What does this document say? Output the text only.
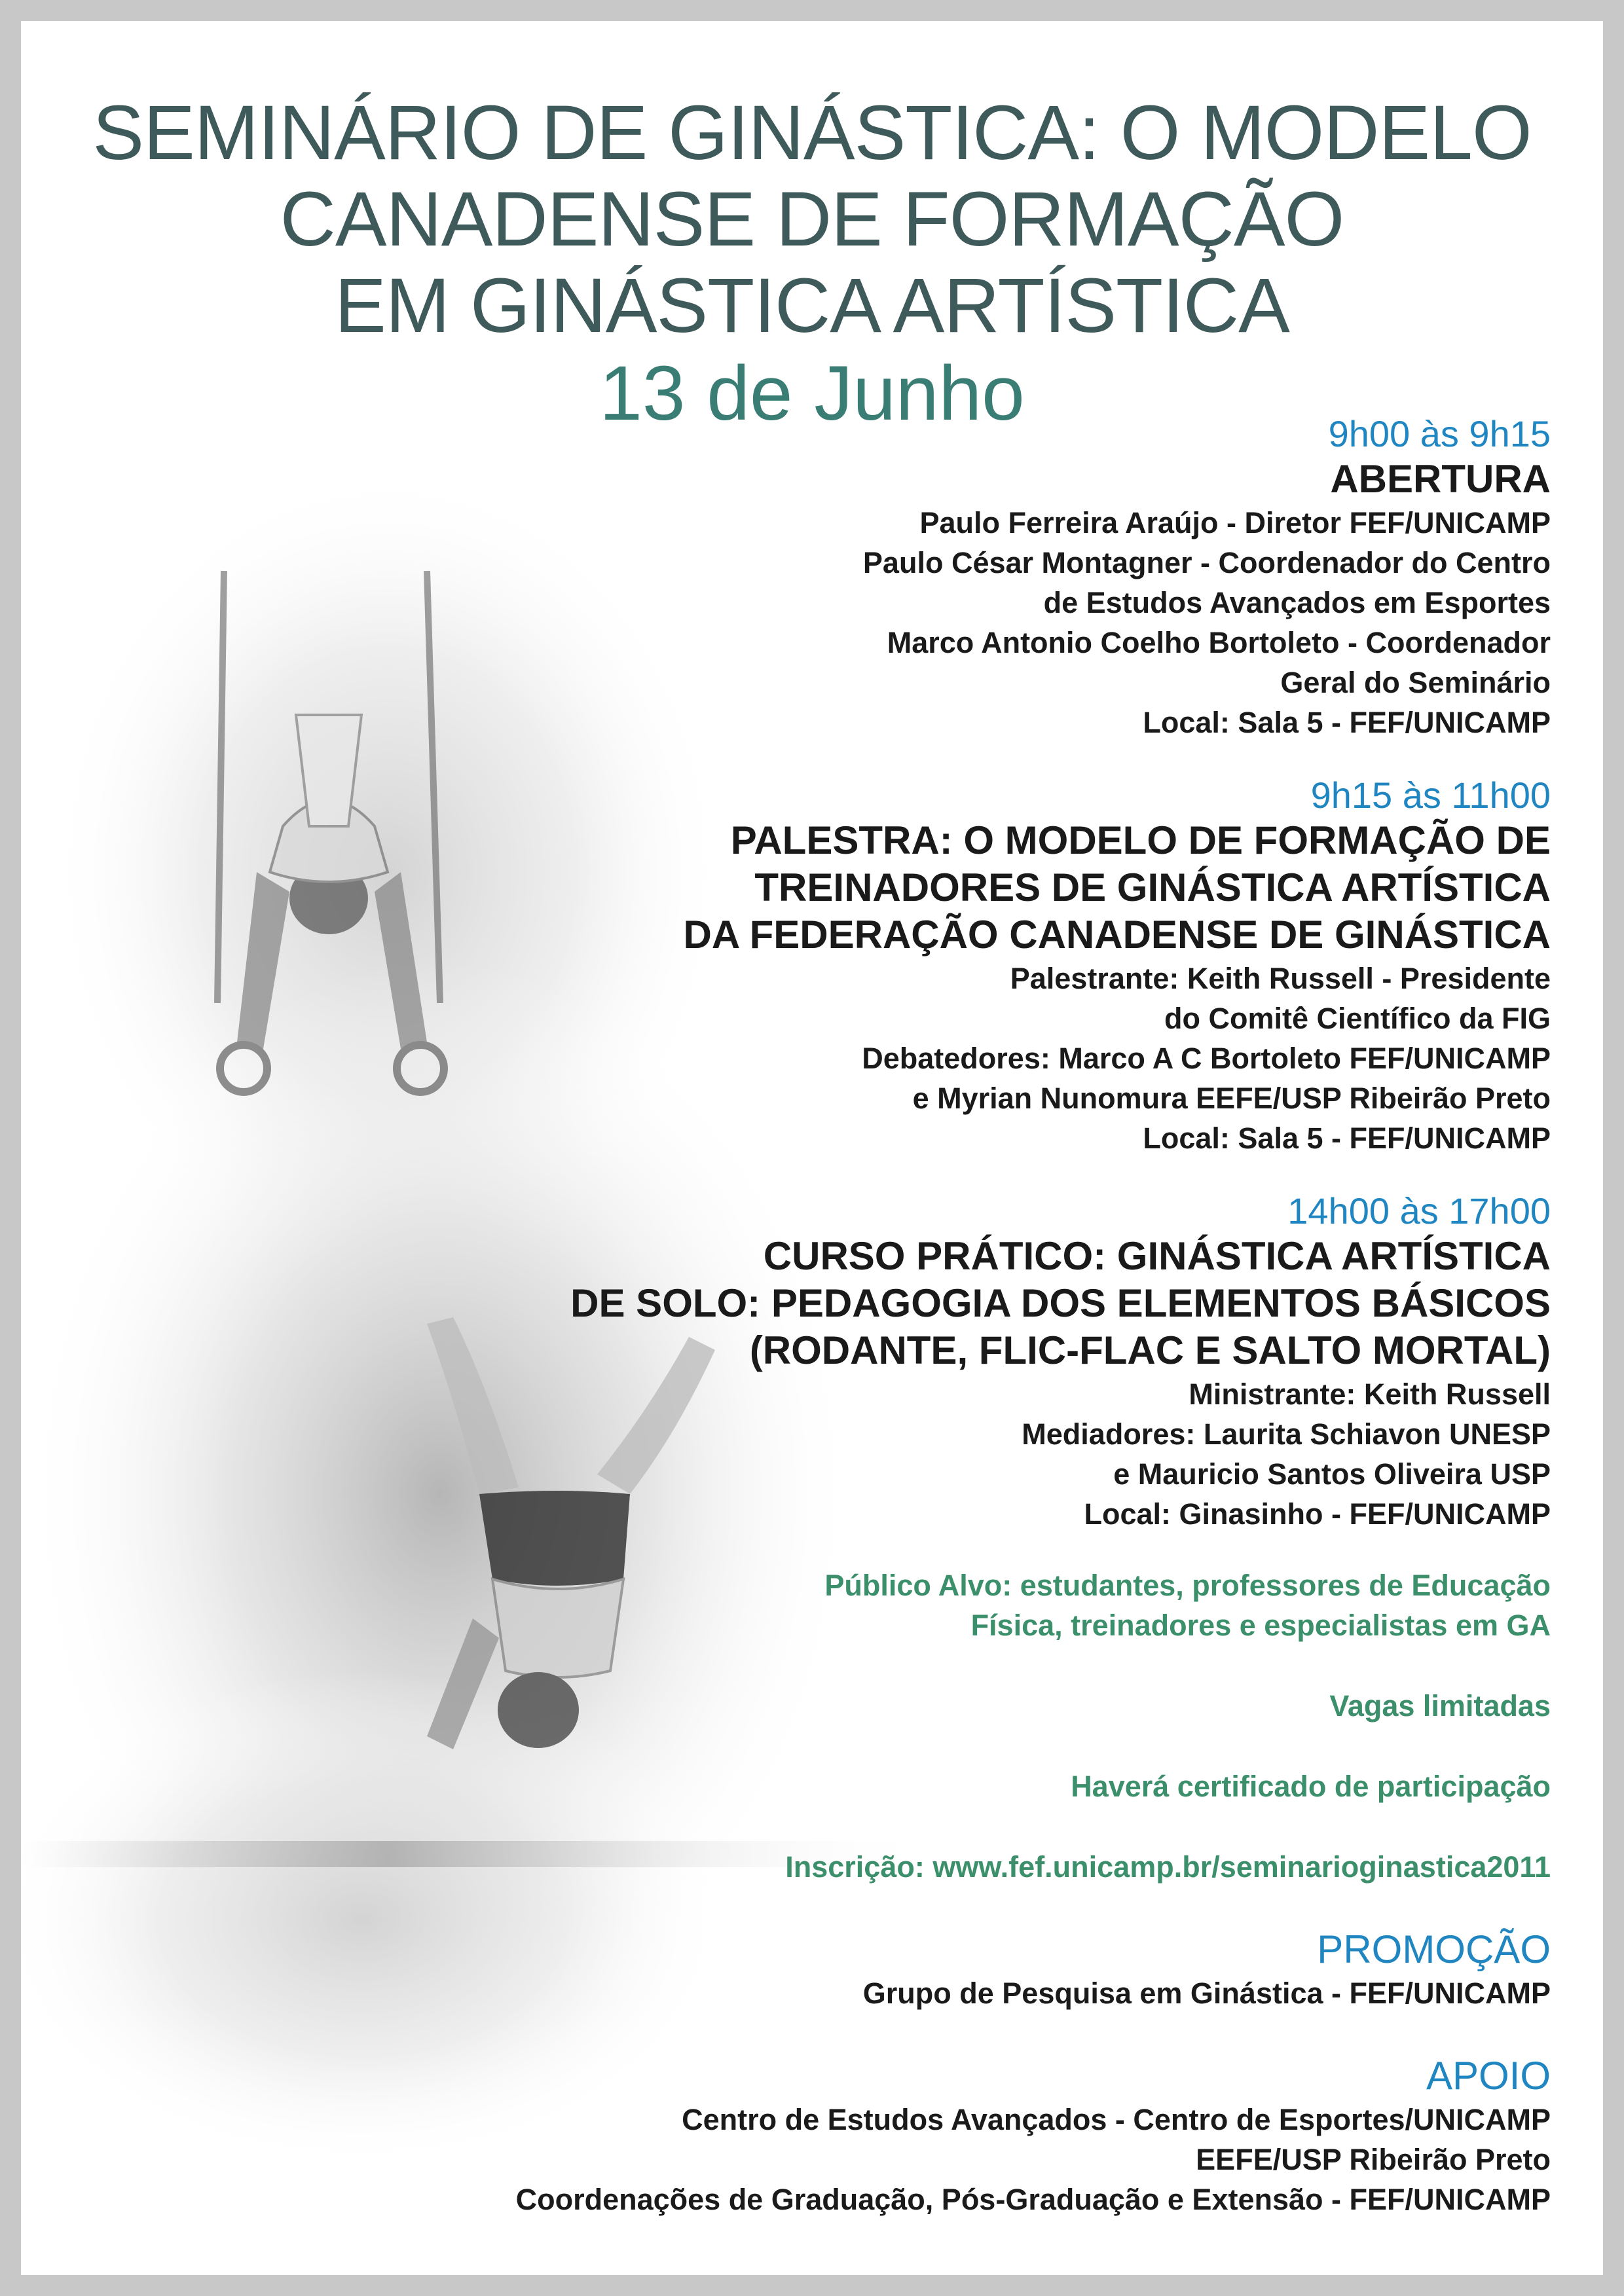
SEMINÁRIO DE GINÁSTICA: O MODELO
CANADENSE DE FORMAÇÃO
EM GINÁSTICA ARTÍSTICA
13 de Junho	9h00 às 9h15
ABERTURA
Paulo Ferreira Araújo - Diretor FEF/UNICAMP
Paulo César Montagner - Coordenador do Centro
de Estudos Avançados em Esportes
Marco Antonio Coelho Bortoleto - Coordenador
Geral do Seminário
Local: Sala 5 - FEF/UNICAMP
9h15 às 11h00
PALESTRA: O MODELO DE FORMAÇÃO DE
TREINADORES DE GINÁSTICA ARTÍSTICA
DA FEDERAÇÃO CANADENSE DE GINÁSTICA
Palestrante: Keith Russell - Presidente
do Comitê Científico da FIG
Debatedores: Marco A C Bortoleto FEF/UNICAMP
e Myrian Nunomura EEFE/USP Ribeirão Preto
Local: Sala 5 - FEF/UNICAMP
14h00 às 17h00
CURSO PRÁTICO: GINÁSTICA ARTÍSTICA
DE SOLO: PEDAGOGIA DOS ELEMENTOS BÁSICOS
(RODANTE, FLIC-FLAC E SALTO MORTAL)
Ministrante: Keith Russell
Mediadores: Laurita Schiavon UNESP
e Mauricio Santos Oliveira USP
Local: Ginasinho - FEF/UNICAMP
Público Alvo: estudantes, professores de Educação
Física, treinadores e especialistas em GA
Vagas limitadas
Haverá certificado de participação
Inscrição: www.fef.unicamp.br/seminarioginastica2011
PROMOÇÃO
Grupo de Pesquisa em Ginástica - FEF/UNICAMP
APOIO
Centro de Estudos Avançados - Centro de Esportes/UNICAMP
EEFE/USP Ribeirão Preto
Coordenações de Graduação, Pós-Graduação e Extensão - FEF/UNICAMP
